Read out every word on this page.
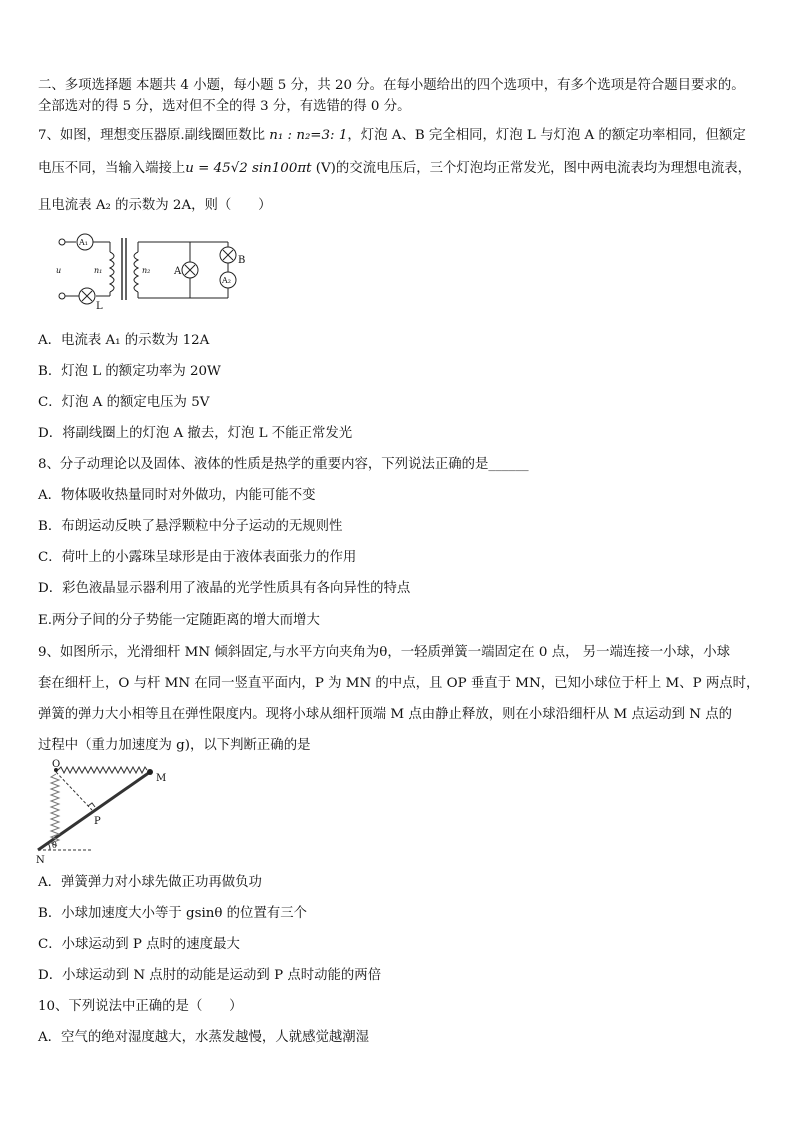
二、多项选择题 本题共 4 小题，每小题 5 分，共 20 分。在每小题给出的四个选项中，有多个选项是符合题目要求的。
全部选对的得 5 分，选对但不全的得 3 分，有选错的得 0 分。
7、如图，理想变压器原.副线圈匝数比 n₁ : n₂=3: 1，灯泡 A、B 完全相同，灯泡 L 与灯泡 A 的额定功率相同，但额定
电压不同，当输入端接上u = 45√2 sin100πt (V)的交流电压后，三个灯泡均正常发光，图中两电流表均为理想电流表，
且电流表 A₂ 的示数为 2A，则（　　）
A₁
u	n₁	n₂ A
B
A₂
L
A．电流表 A₁ 的示数为 12A
B．灯泡 L 的额定功率为 20W
C．灯泡 A 的额定电压为 5V
D．将副线圈上的灯泡 A 撤去，灯泡 L 不能正常发光
8、分子动理论以及固体、液体的性质是热学的重要内容，下列说法正确的是______
A．物体吸收热量同时对外做功，内能可能不变
B．布朗运动反映了悬浮颗粒中分子运动的无规则性
C．荷叶上的小露珠呈球形是由于液体表面张力的作用
D．彩色液晶显示器利用了液晶的光学性质具有各向异性的特点
E.两分子间的分子势能一定随距离的增大而增大
9、如图所示，光滑细杆 MN 倾斜固定,与水平方向夹角为θ，一轻质弹簧一端固定在 0 点， 另一端连接一小球，小球
套在细杆上，O 与杆 MN 在同一竖直平面内，P 为 MN 的中点，且 OP 垂直于 MN，已知小球位于杆上 M、P 两点时，
弹簧的弹力大小相等且在弹性限度内。现将小球从细杆顶端 M 点由静止释放，则在小球沿细杆从 M 点运动到 N 点的
过程中（重力加速度为 g)，以下判断正确的是
O
M
P
N
θ
A．弹簧弹力对小球先做正功再做负功
B．小球加速度大小等于 gsinθ 的位置有三个
C．小球运动到 P 点时的速度最大
D．小球运动到 N 点肘的动能是运动到 P 点时动能的两倍
10、下列说法中正确的是（　　）
A．空气的绝对湿度越大，水蒸发越慢，人就感觉越潮湿
